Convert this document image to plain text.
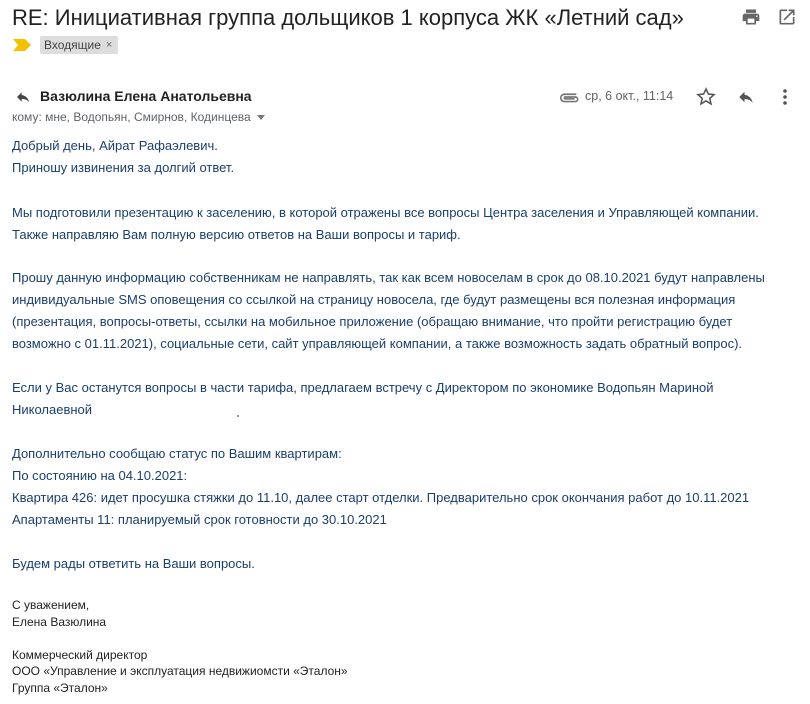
RE: Инициативная группа дольщиков 1 корпуса ЖК «Летний сад»
Входящие ×
Вазюлина Елена Анатольевна	ср, 6 окт., 11:14
кому: мне, Водопьян, Смирнов, Кодинцева
Добрый день, Айрат Рафаэлевич.
Приношу извинения за долгий ответ.
Мы подготовили презентацию к заселению, в которой отражены все вопросы Центра заселения и Управляющей компании.
Также направляю Вам полную версию ответов на Ваши вопросы и тариф.
Прошу данную информацию собственникам не направлять, так как всем новоселам в срок до 08.10.2021 будут направлены
индивидуальные SMS оповещения со ссылкой на страницу новосела, где будут размещены вся полезная информация
(презентация, вопросы-ответы, ссылки на мобильное приложение (обращаю внимание, что пройти регистрацию будет
возможно с 01.11.2021), социальные сети, сайт управляющей компании, а также возможность задать обратный вопрос).
Если у Вас останутся вопросы в части тарифа, предлагаем встречу с Директором по экономике Водопьян Мариной
Николаевной
Дополнительно сообщаю статус по Вашим квартирам:
По состоянию на 04.10.2021:
Квартира 426: идет просушка стяжки до 11.10, далее старт отделки. Предварительно срок окончания работ до 10.11.2021
Апартаменты 11: планируемый срок готовности до 30.10.2021
Будем рады ответить на Ваши вопросы.
С уважением,
Елена Вазюлина
Коммерческий директор
ООО «Управление и эксплуатация недвижиомсти «Эталон»
Группа «Эталон»
